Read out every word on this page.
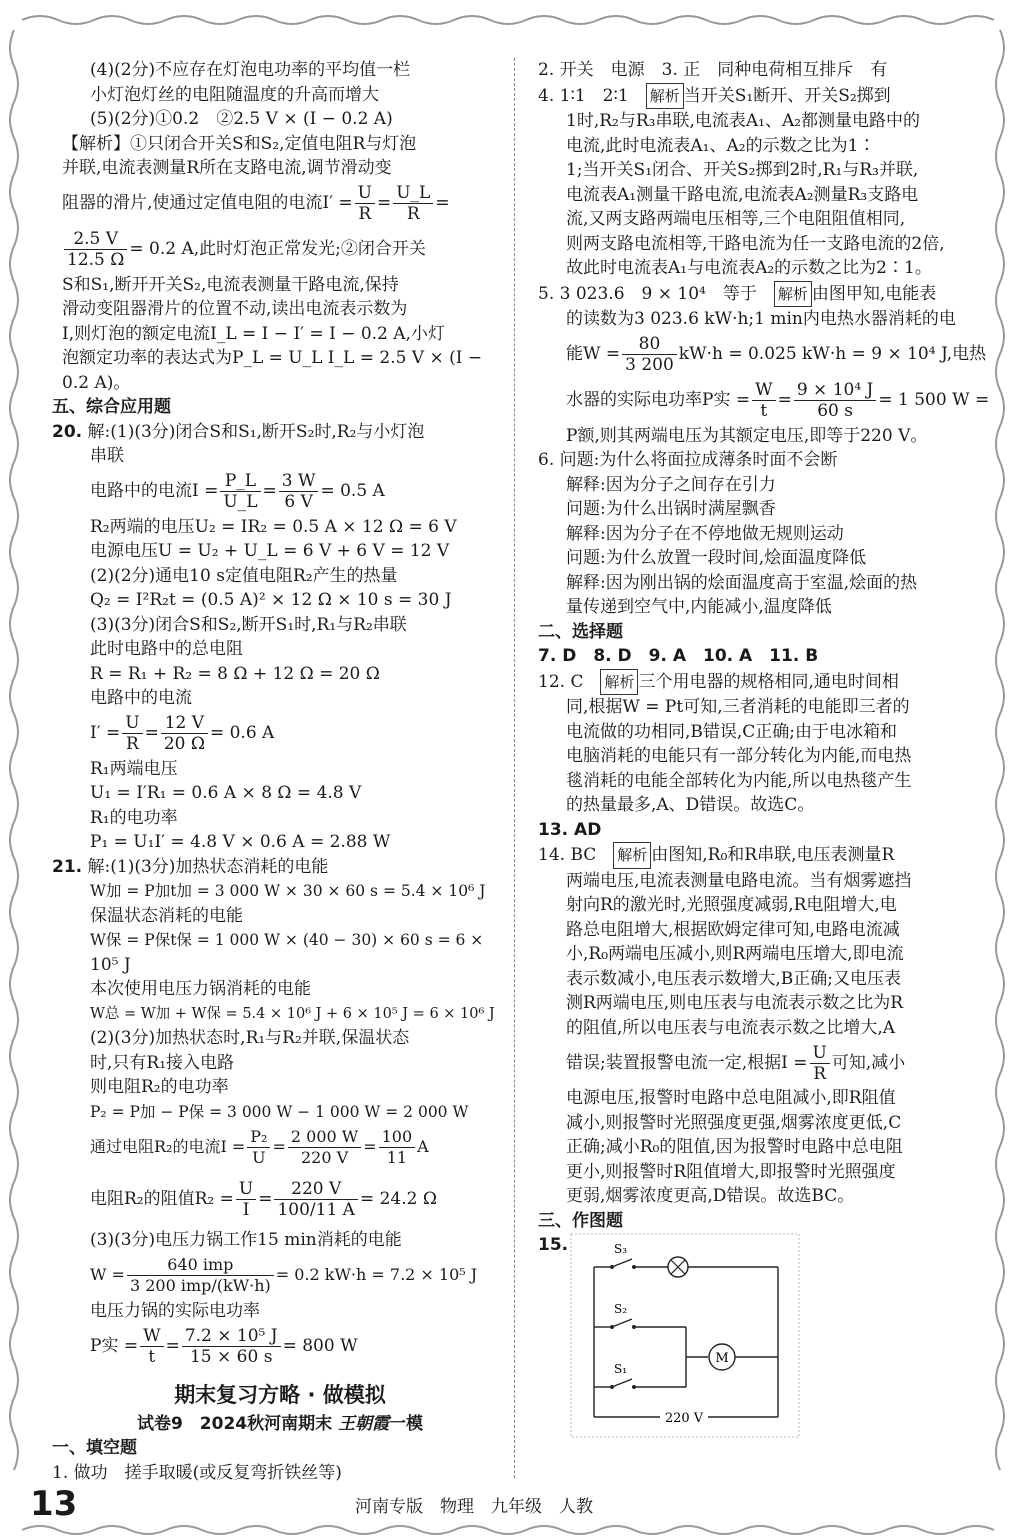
(4)(2分)不应存在灯泡电功率的平均值一栏
小灯泡灯丝的电阻随温度的升高而增大
(5)(2分)①0.2　②2.5 V × (I − 0.2 A)
【解析】①只闭合开关S和S₂,定值电阻R与灯泡
并联,电流表测量R所在支路电流,调节滑动变
阻器的滑片,使通过定值电阻的电流$I' = \frac{U}{R} = \frac{U\_L}{R}$ =
$\frac{2.5 V}{12.5 \Omega} = 0.2$ A,此时灯泡正常发光;②闭合开关
S和S₁,断开开关S₂,电流表测量干路电流,保持
滑动变阻器滑片的位置不动,读出电流表示数为
I,则灯泡的额定电流I_L = I − I′ = I − 0.2 A,小灯
泡额定功率的表达式为P_L = U_L I_L = 2.5 V × (I −
0.2 A)。
五、综合应用题
20. 解:(1)(3分)闭合S和S₁,断开S₂时,R₂与小灯泡
串联
电路中的电流$I = \frac{P\_L}{U\_L} = \frac{3 W}{6 V} = 0.5$ A
R₂两端的电压U₂ = IR₂ = 0.5 A × 12 Ω = 6 V
电源电压U = U₂ + U_L = 6 V + 6 V = 12 V
(2)(2分)通电10 s定值电阻R₂产生的热量
Q₂ = I²R₂t = (0.5 A)² × 12 Ω × 10 s = 30 J
(3)(3分)闭合S和S₂,断开S₁时,R₁与R₂串联
此时电路中的总电阻
R = R₁ + R₂ = 8 Ω + 12 Ω = 20 Ω
电路中的电流
$I' = \frac{U}{R} = \frac{12 V}{20 \Omega} = 0.6$ A
R₁两端电压
U₁ = I′R₁ = 0.6 A × 8 Ω = 4.8 V
R₁的电功率
P₁ = U₁I′ = 4.8 V × 0.6 A = 2.88 W
21. 解:(1)(3分)加热状态消耗的电能
W加 = P加t加 = 3 000 W × 30 × 60 s = 5.4 × 10⁶ J
保温状态消耗的电能
W保 = P保t保 = 1 000 W × (40 − 30) × 60 s = 6 ×
10⁵ J
本次使用电压力锅消耗的电能
W总 = W加 + W保 = 5.4 × 10⁶ J + 6 × 10⁵ J = 6 × 10⁶ J
(2)(3分)加热状态时,R₁与R₂并联,保温状态
时,只有R₁接入电路
则电阻R₂的电功率
P₂ = P加 − P保 = 3 000 W − 1 000 W = 2 000 W
通过电阻R₂的电流$I = \frac{\text{P₂}}{U} = \frac{2 000 W}{220 V} = \frac{100}{11}$ A
电阻R₂的阻值$R_2 = \frac{U}{I} = \frac{220 V}{100/11 A} = 24.2$ Ω
(3)(3分)电压力锅工作15 min消耗的电能
$W = \frac{\text{640 imp}}{\text{3 200 imp/(kW·h)}} = 0.2$ kW·h = 7.2 × 10⁵ J
电压力锅的实际电功率
P实 = $\frac{W}{t} = \frac{\text{7.2 × 10⁵ J}}{15 \times 60 s} = 800$ W
期末复习方略 · 做模拟
试卷9　2024秋河南期末 王朝霞一模
一、填空题
1. 做功　搓手取暖(或反复弯折铁丝等)
2. 开关　电源　3. 正　同种电荷相互排斥　有
4. 1∶1　2∶1　解析 当开关S₁断开、开关S₂掷到
1时,R₂与R₃串联,电流表A₁、A₂都测量电路中的
电流,此时电流表A₁、A₂的示数之比为1∶
1;当开关S₁闭合、开关S₂掷到2时,R₁与R₃并联,
电流表A₁测量干路电流,电流表A₂测量R₃支路电
流,又两支路两端电压相等,三个电阻阻值相同,
则两支路电流相等,干路电流为任一支路电流的2倍,
故此时电流表A₁与电流表A₂的示数之比为2∶1。
5. 3 023.6　9 × 10⁴　等于　解析 由图甲知,电能表
的读数为3 023.6 kW·h;1 min内电热水器消耗的电
能$W = \frac{80}{3 200} kW\cdot h = 0.025$ kW·h = 9 × 10⁴ J,电热
水器的实际电功率P实 = $\frac{W}{t} = \frac{\text{9 × 10⁴ J}}{60 s} = 1$ 500 W =
P额,则其两端电压为其额定电压,即等于220 V。
6. 问题:为什么将面拉成薄条时面不会断
解释:因为分子之间存在引力
问题:为什么出锅时满屋飘香
解释:因为分子在不停地做无规则运动
问题:为什么放置一段时间,烩面温度降低
解释:因为刚出锅的烩面温度高于室温,烩面的热
量传递到空气中,内能减小,温度降低
二、选择题
7. D　8. D　9. A　10. A　11. B
12. C　解析 三个用电器的规格相同,通电时间相
同,根据W = Pt可知,三者消耗的电能即三者的
电流做的功相同,B错误,C正确;由于电冰箱和
电脑消耗的电能只有一部分转化为内能,而电热
毯消耗的电能全部转化为内能,所以电热毯产生
的热量最多,A、D错误。故选C。
13. AD
14. BC　解析 由图知,R₀和R串联,电压表测量R
两端电压,电流表测量电路电流。当有烟雾遮挡
射向R的激光时,光照强度减弱,R电阻增大,电
路总电阻增大,根据欧姆定律可知,电路电流减
小,R₀两端电压减小,则R两端电压增大,即电流
表示数减小,电压表示数增大,B正确;又电压表
测R两端电压,则电压表与电流表示数之比为R
的阻值,所以电压表与电流表示数之比增大,A
错误;装置报警电流一定,根据$I = \frac{U}{R}$ 可知,减小
电源电压,报警时电路中总电阻减小,即R阻值
减小,则报警时光照强度更强,烟雾浓度更低,C
正确;减小R₀的阻值,因为报警时电路中总电阻
更小,则报警时R阻值增大,即报警时光照强度
更弱,烟雾浓度更高,D错误。故选BC。
三、作图题
15.
M
S₃
S₂
S₁
220 V
13	河南专版　物理　九年级　人教
